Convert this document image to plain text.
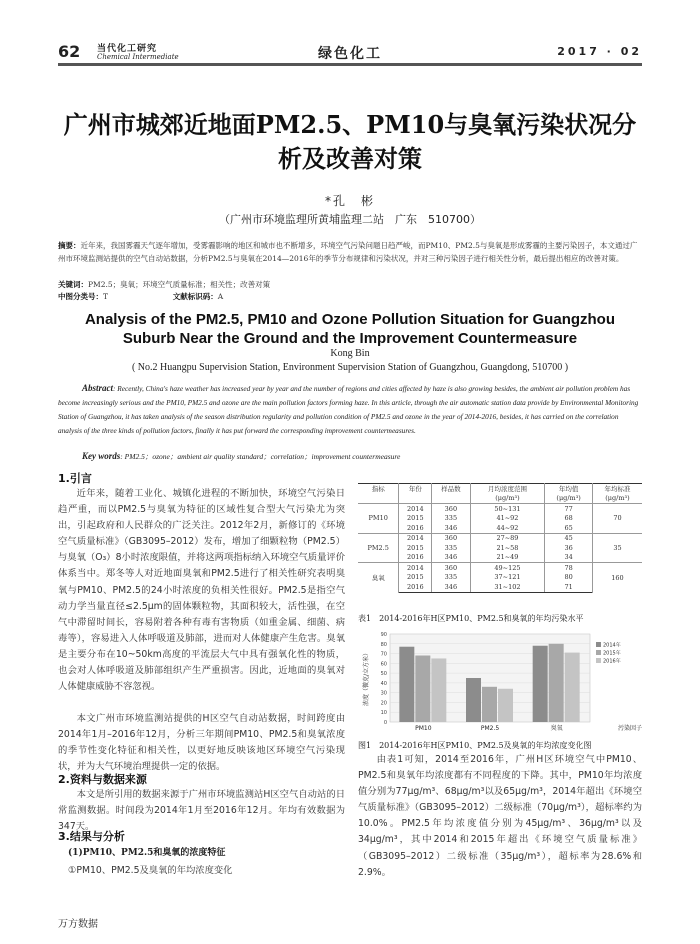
62 当代化工研究
Chemical Intermediate	绿色化工	2017 · 02
广州市城郊近地面PM2.5、PM10与臭氧污染状况分析及改善对策
*孔　彬
（广州市环境监理所黄埔监理二站　广东　510700）
摘要：近年来，我国雾霾天气逐年增加，受雾霾影响的地区和城市也不断增多，环境空气污染问题日趋严峻，而PM10、PM2.5与臭氧是形成雾霾的主要污染因子，本文通过广州市环境监测站提供的空气自动站数据，分析PM2.5与臭氧在2014—2016年的季节分布规律和污染状况，并对三种污染因子进行相关性分析，最后提出相应的改善对策。
关键词：PM2.5；臭氧；环境空气质量标准；相关性；改善对策
中图分类号：T	文献标识码：A
Analysis of the PM2.5, PM10 and Ozone Pollution Situation for Guangzhou Suburb Near the Ground and the Improvement Countermeasure
Kong Bin
( No.2 Huangpu Supervision Station, Environment Supervision Station of Guangzhou, Guangdong, 510700 )
Abstract: Recently, China's haze weather has increased year by year and the number of regions and cities affected by haze is also growing besides, the ambient air pollution problem has become increasingly serious and the PM10, PM2.5 and ozone are the main pollution factors forming haze. In this article, through the air automatic station data provide by Environmental Monitoring Station of Guangzhou, it has taken analysis of the season distribution regularity and pollution condition of PM2.5 and ozone in the year of 2014-2016, besides, it has carried on the correlation analysis of the three kinds of pollution factors, finally it has put forward the corresponding improvement countermeasures.
Key words: PM2.5；ozone；ambient air quality standard；correlation；improvement countermeasure
1.引言
近年来，随着工业化、城镇化进程的不断加快，环境空气污染日趋严重，而以PM2.5与臭氧为特征的区域性复合型大气污染尤为突出，引起政府和人民群众的广泛关注。2012年2月，新修订的《环境空气质量标准》（GB3095–2012）发布，增加了细颗粒物（PM2.5）与臭氧（O₃）8小时浓度限值，并将这两项指标纳入环境空气质量评价体系当中。郑冬等人对近地面臭氧和PM2.5进行了相关性研究表明臭氧与PM10、PM2.5的24小时浓度的负相关性很好。PM2.5是指空气动力学当量直径≤2.5μm的固体颗粒物，其面积较大，活性强，在空气中滞留时间长，容易附着各种有毒有害物质（如重金属、细菌、病毒等），容易进入人体呼吸道及肺部，进而对人体健康产生危害。臭氧是主要分布在10~50km高度的平流层大气中具有强氧化性的物质，也会对人体呼吸道及肺部组织产生严重损害。因此，近地面的臭氧对人体健康威胁不容忽视。
本文广州市环境监测站提供的H区空气自动站数据，时间跨度由2014年1月–2016年12月，分析三年期间PM10、PM2.5和臭氧浓度的季节性变化特征和相关性，以更好地反映该地区环境空气污染现状，并为大气环境治理提供一定的依据。
2.资料与数据来源
本文是所引用的数据来源于广州市环境监测站H区空气自动站的日常监测数据。时间段为2014年1月至2016年12月。年均有效数据为347天。
3.结果与分析
(1)PM10、PM2.5和臭氧的浓度特征
①PM10、PM2.5及臭氧的年均浓度变化
指标	年份	样品数	月均浓度范围	年均值	年均标准
			(μg/m³)	(μg/m³)	(μg/m³)
PM10	2014	360	50~131	77	70
	2015	335	41~92	68	
	2016	346	44~92	65	
PM2.5	2014	360	27~89	45	35
	2015	335	21~58	36	
	2016	346	21~49	34	
臭氧	2014	360	49~125	78	160
	2015	335	37~121	80	
	2016	346	31~102	71	
表1　2014-2016年H区PM10、PM2.5和臭氧的年均污染水平
0
10
20
30
40
50
60
70
80
90
PM10	PM2.5	臭氧
浓度（微克/立方米）
污染因子
2014年
2015年
2016年
图1　2014-2016年H区PM10、PM2.5及臭氧的年均浓度变化图
由表1可知，2014至2016年，广州H区环境空气中PM10、PM2.5和臭氧年均浓度都有不同程度的下降。其中，PM10年均浓度值分别为77μg/m³、68μg/m³以及65μg/m³，2014年超出《环境空气质量标准》（GB3095–2012）二级标准（70μg/m³），超标率约为10.0%。PM2.5年均浓度值分别为45μg/m³、36μg/m³以及34μg/m³，其中2014和2015年超出《环境空气质量标准》（GB3095–2012）二级标准（35μg/m³），超标率为28.6%和2.9%。
万方数据
